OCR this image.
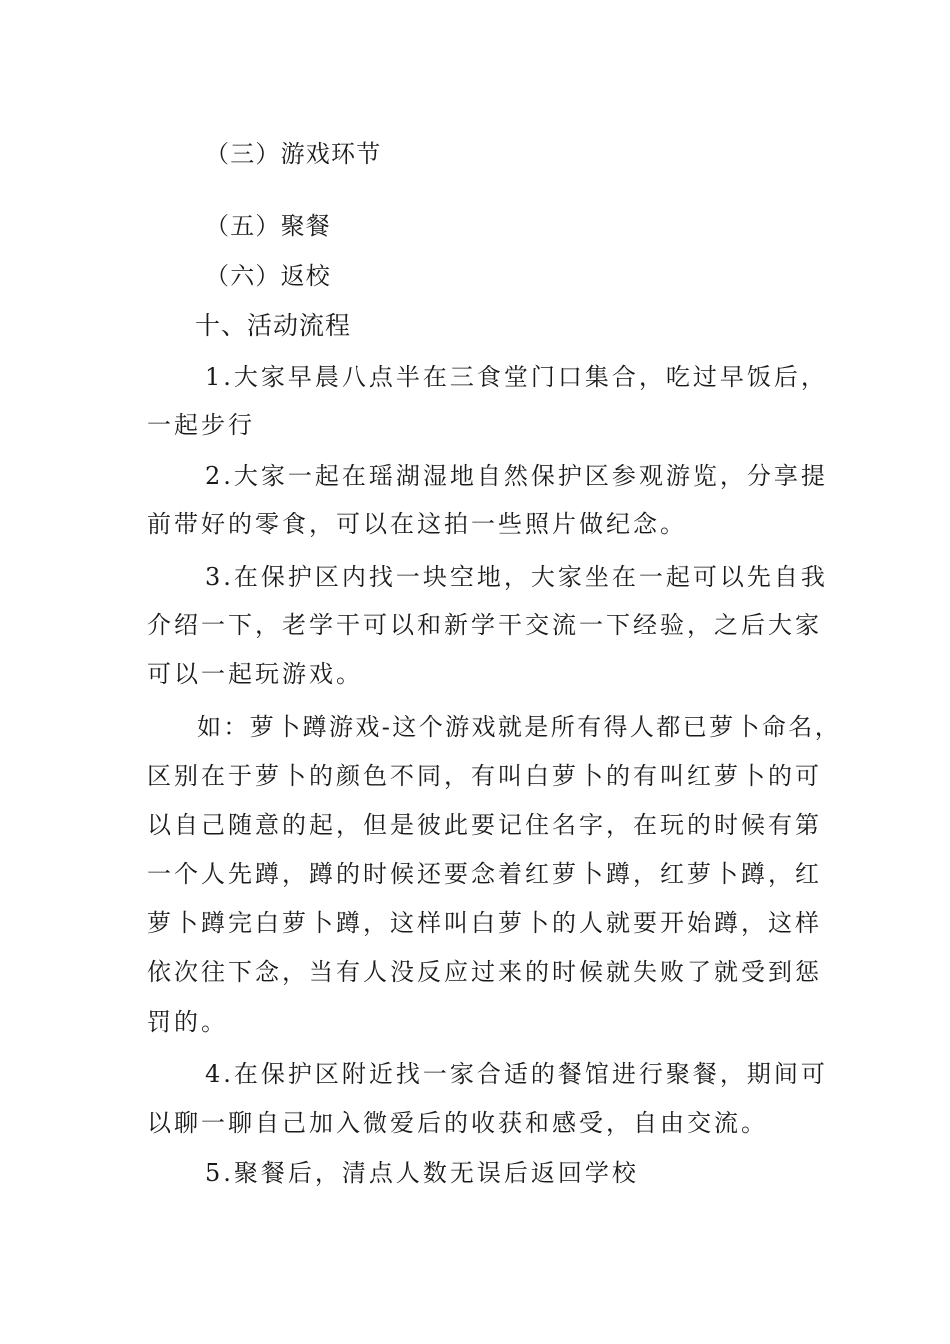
（三）游戏环节
（五）聚餐
（六）返校
十、活动流程
1.大家早晨八点半在三食堂门口集合，吃过早饭后，
一起步行
2.大家一起在瑶湖湿地自然保护区参观游览，分享提
前带好的零食，可以在这拍一些照片做纪念。
3.在保护区内找一块空地，大家坐在一起可以先自我
介绍一下，老学干可以和新学干交流一下经验，之后大家
可以一起玩游戏。
如：萝卜蹲游戏-这个游戏就是所有得人都已萝卜命名，
区别在于萝卜的颜色不同，有叫白萝卜的有叫红萝卜的可
以自己随意的起，但是彼此要记住名字，在玩的时候有第
一个人先蹲，蹲的时候还要念着红萝卜蹲，红萝卜蹲，红
萝卜蹲完白萝卜蹲，这样叫白萝卜的人就要开始蹲，这样
依次往下念，当有人没反应过来的时候就失败了就受到惩
罚的。
4.在保护区附近找一家合适的餐馆进行聚餐，期间可
以聊一聊自己加入微爱后的收获和感受，自由交流。
5.聚餐后，清点人数无误后返回学校
